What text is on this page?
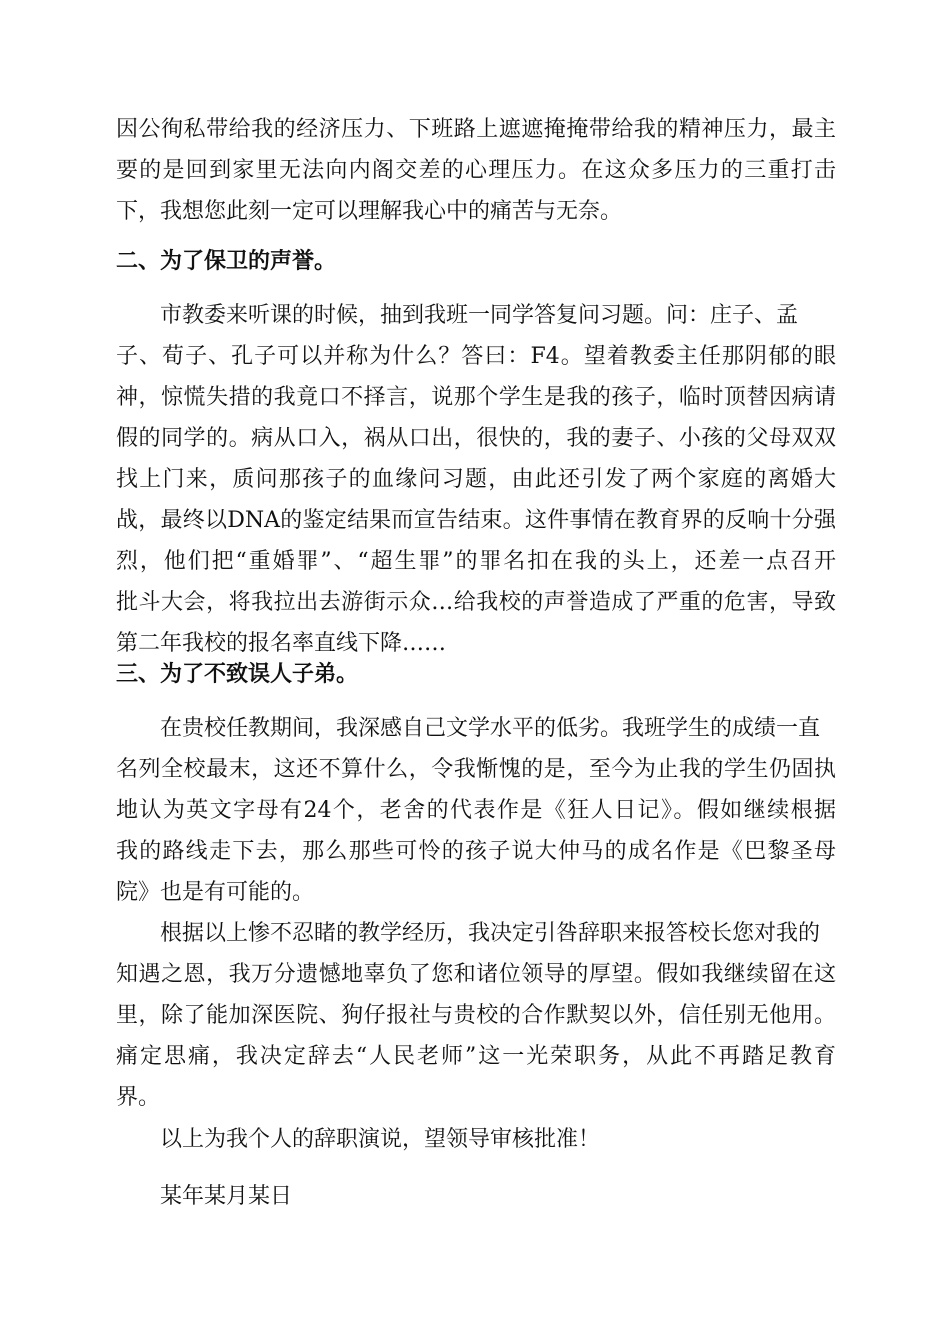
因公徇私带给我的经济压力、下班路上遮遮掩掩带给我的精神压力，最主
要的是回到家里无法向内阁交差的心理压力。在这众多压力的三重打击
下，我想您此刻一定可以理解我心中的痛苦与无奈。
二、为了保卫的声誉。
市教委来听课的时候，抽到我班一同学答复问习题。问：庄子、孟
子、荀子、孔子可以并称为什么？答曰：F4。望着教委主任那阴郁的眼
神，惊慌失措的我竟口不择言，说那个学生是我的孩子，临时顶替因病请
假的同学的。病从口入，祸从口出，很快的，我的妻子、小孩的父母双双
找上门来，质问那孩子的血缘问习题，由此还引发了两个家庭的离婚大
战，最终以DNA的鉴定结果而宣告结束。这件事情在教育界的反响十分强
烈，他们把“重婚罪”、“超生罪”的罪名扣在我的头上，还差一点召开
批斗大会，将我拉出去游街示众…给我校的声誉造成了严重的危害，导致
第二年我校的报名率直线下降……
三、为了不致误人子弟。
在贵校任教期间，我深感自己文学水平的低劣。我班学生的成绩一直
名列全校最末，这还不算什么，令我惭愧的是，至今为止我的学生仍固执
地认为英文字母有24个，老舍的代表作是《狂人日记》。假如继续根据
我的路线走下去，那么那些可怜的孩子说大仲马的成名作是《巴黎圣母
院》也是有可能的。
根据以上惨不忍睹的教学经历，我决定引咎辞职来报答校长您对我的
知遇之恩，我万分遗憾地辜负了您和诸位领导的厚望。假如我继续留在这
里，除了能加深医院、狗仔报社与贵校的合作默契以外，信任别无他用。
痛定思痛，我决定辞去“人民老师”这一光荣职务，从此不再踏足教育
界。
以上为我个人的辞职演说，望领导审核批准！
某年某月某日
